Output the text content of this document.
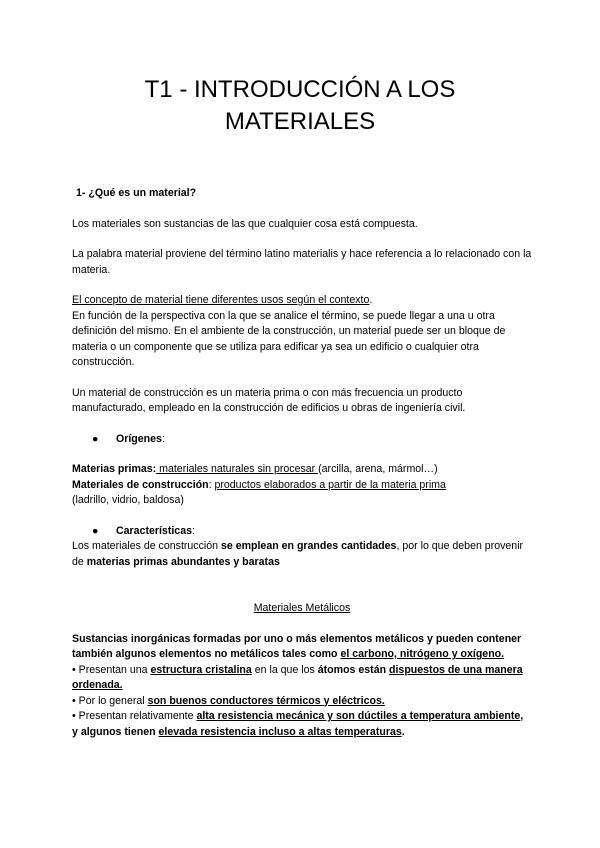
T1 - INTRODUCCIÓN A LOS
MATERIALES

1- ¿Qué es un material?

Los materiales son sustancias de las que cualquier cosa está compuesta.

La palabra material proviene del término latino materialis y hace referencia a lo relacionado con la materia.

El concepto de material tiene diferentes usos según el contexto.
En función de la perspectiva con la que se analice el término, se puede llegar a una u otra definición del mismo. En el ambiente de la construcción, un material puede ser un bloque de materia o un componente que se utiliza para edificar ya sea un edificio o cualquier otra construcción.

Un material de construcción es un materia prima o con más frecuencia un producto manufacturado, empleado en la construcción de edificios u obras de ingeniería civil.

● Orígenes:

Materias primas: materiales naturales sin procesar (arcilla, arena, mármol…)

Materiales de construcción: productos elaborados a partir de la materia prima
(ladrillo, vidrio, baldosa)

● Características:

Los materiales de construcción se emplean en grandes cantidades, por lo que deben provenir de materias primas abundantes y baratas

Materiales Metálicos

Sustancias inorgánicas formadas por uno o más elementos metálicos y pueden contener también algunos elementos no metálicos tales como el carbono, nitrógeno y oxígeno.

• Presentan una estructura cristalina en la que los átomos están dispuestos de una manera ordenada.

• Por lo general son buenos conductores térmicos y eléctricos.

• Presentan relativamente alta resistencia mecánica y son dúctiles a temperatura ambiente, y algunos tienen elevada resistencia incluso a altas temperaturas.
